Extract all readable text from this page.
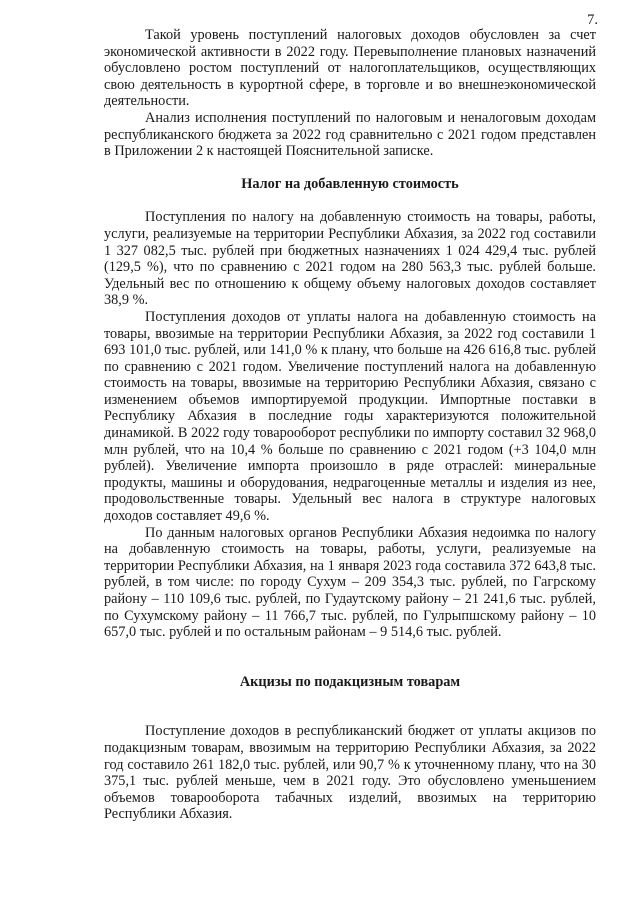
7.

Такой уровень поступлений налоговых доходов обусловлен за счет экономической активности в 2022 году. Перевыполнение плановых назначений обусловлено ростом поступлений от налогоплательщиков, осуществляющих свою деятельность в курортной сфере, в торговле и во внешнеэкономической деятельности.

Анализ исполнения поступлений по налоговым и неналоговым доходам республиканского бюджета за 2022 год сравнительно с 2021 годом представлен в Приложении 2 к настоящей Пояснительной записке.

Налог на добавленную стоимость

Поступления по налогу на добавленную стоимость на товары, работы, услуги, реализуемые на территории Республики Абхазия, за 2022 год составили 1 327 082,5 тыс. рублей при бюджетных назначениях 1 024 429,4 тыс. рублей (129,5 %), что по сравнению с 2021 годом на 280 563,3 тыс. рублей больше. Удельный вес по отношению к общему объему налоговых доходов составляет 38,9 %.

Поступления доходов от уплаты налога на добавленную стоимость на товары, ввозимые на территории Республики Абхазия, за 2022 год составили 1 693 101,0 тыс. рублей, или 141,0 % к плану, что больше на 426 616,8 тыс. рублей по сравнению с 2021 годом. Увеличение поступлений налога на добавленную стоимость на товары, ввозимые на территорию Республики Абхазия, связано с изменением объемов импортируемой продукции. Импортные поставки в Республику Абхазия в последние годы характеризуются положительной динамикой. В 2022 году товарооборот республики по импорту составил 32 968,0 млн рублей, что на 10,4 % больше по сравнению с 2021 годом (+3 104,0 млн рублей). Увеличение импорта произошло в ряде отраслей: минеральные продукты, машины и оборудования, недрагоценные металлы и изделия из нее, продовольственные товары. Удельный вес налога в структуре налоговых доходов составляет 49,6 %.

По данным налоговых органов Республики Абхазия недоимка по налогу на добавленную стоимость на товары, работы, услуги, реализуемые на территории Республики Абхазия, на 1 января 2023 года составила 372 643,8 тыс. рублей, в том числе: по городу Сухум – 209 354,3 тыс. рублей, по Гагрскому району – 110 109,6 тыс. рублей, по Гудаутскому району – 21 241,6 тыс. рублей, по Сухумскому району – 11 766,7 тыс. рублей, по Гулрыпшскому району – 10 657,0 тыс. рублей и по остальным районам – 9 514,6 тыс. рублей.

Акцизы по подакцизным товарам

Поступление доходов в республиканский бюджет от уплаты акцизов по подакцизным товарам, ввозимым на территорию Республики Абхазия, за 2022 год составило 261 182,0 тыс. рублей, или 90,7 % к уточненному плану, что на 30 375,1 тыс. рублей меньше, чем в 2021 году. Это обусловлено уменьшением объемов товарооборота табачных изделий, ввозимых на территорию Республики Абхазия.
